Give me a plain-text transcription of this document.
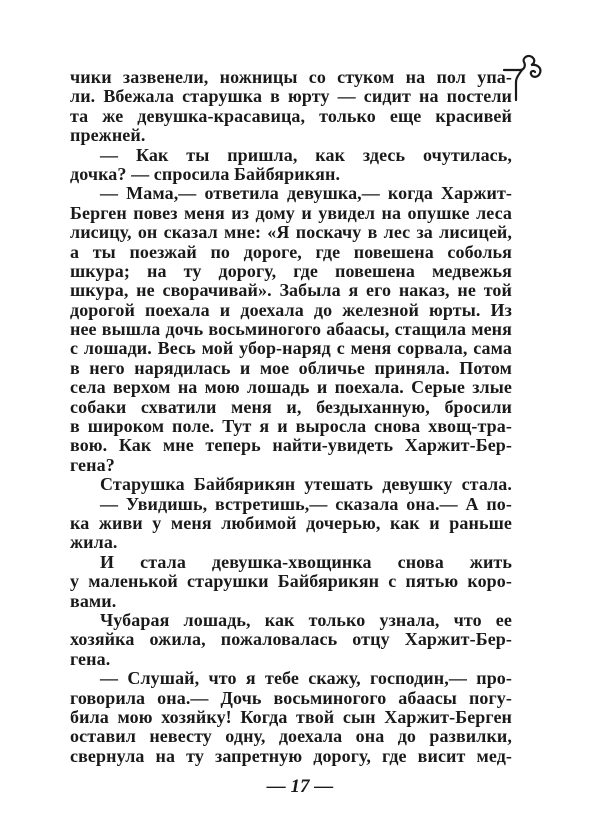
чики зазвенели, ножницы со стуком на пол упа-
ли. Вбежала старушка в юрту — сидит на постели
та же девушка-красавица, только еще красивей
прежней.
— Как ты пришла, как здесь очутилась,
дочка? — спросила Байбярикян.
— Мама,— ответила девушка,— когда Харжит-
Берген повез меня из дому и увидел на опушке леса
лисицу, он сказал мне: «Я поскачу в лес за лисицей,
а ты поезжай по дороге, где повешена соболья
шкура; на ту дорогу, где повешена медвежья
шкура, не сворачивай». Забыла я его наказ, не той
дорогой поехала и доехала до железной юрты. Из
нее вышла дочь восьминогого абаасы, стащила меня
с лошади. Весь мой убор-наряд с меня сорвала, сама
в него нарядилась и мое обличье приняла. Потом
села верхом на мою лошадь и поехала. Серые злые
собаки схватили меня и, бездыханную, бросили
в широком поле. Тут я и выросла снова хвощ-тра-
вою. Как мне теперь найти-увидеть Харжит-Бер-
гена?
Старушка Байбярикян утешать девушку стала.
— Увидишь, встретишь,— сказала она.— А по-
ка живи у меня любимой дочерью, как и раньше
жила.
И стала девушка-хвощинка снова жить
у маленькой старушки Байбярикян с пятью коро-
вами.
Чубарая лошадь, как только узнала, что ее
хозяйка ожила, пожаловалась отцу Харжит-Бер-
гена.
— Слушай, что я тебе скажу, господин,— про-
говорила она.— Дочь восьминогого абаасы погу-
била мою хозяйку! Когда твой сын Харжит-Берген
оставил невесту одну, доехала она до развилки,
свернула на ту запретную дорогу, где висит мед-
— 17 —
